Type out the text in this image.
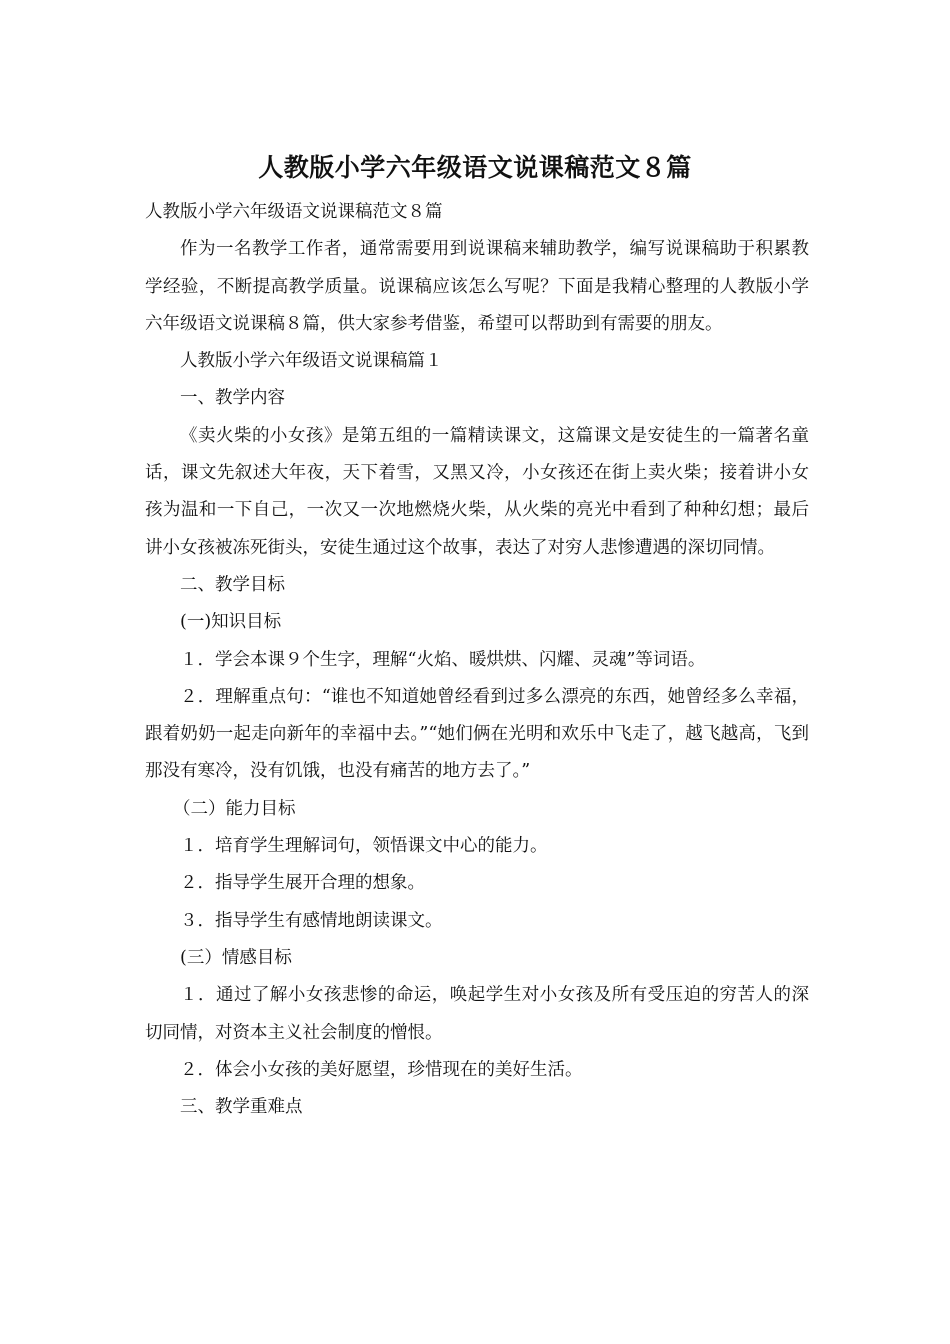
人教版小学六年级语文说课稿范文８篇

人教版小学六年级语文说课稿范文８篇

作为一名教学工作者，通常需要用到说课稿来辅助教学，编写说课稿助于积累教学经验，不断提高教学质量。说课稿应该怎么写呢？下面是我精心整理的人教版小学六年级语文说课稿８篇，供大家参考借鉴，希望可以帮助到有需要的朋友。

人教版小学六年级语文说课稿篇１

一、教学内容

《卖火柴的小女孩》是第五组的一篇精读课文，这篇课文是安徒生的一篇著名童话，课文先叙述大年夜，天下着雪，又黑又冷，小女孩还在街上卖火柴；接着讲小女孩为温和一下自己，一次又一次地燃烧火柴，从火柴的亮光中看到了种种幻想；最后讲小女孩被冻死街头，安徒生通过这个故事，表达了对穷人悲惨遭遇的深切同情。

二、教学目标

(一)知识目标

１．学会本课９个生字，理解“火焰、暖烘烘、闪耀、灵魂”等词语。

２．理解重点句：“谁也不知道她曾经看到过多么漂亮的东西，她曾经多么幸福，跟着奶奶一起走向新年的幸福中去。”“她们俩在光明和欢乐中飞走了，越飞越高，飞到那没有寒冷，没有饥饿，也没有痛苦的地方去了。”

（二）能力目标

１．培育学生理解词句，领悟课文中心的能力。

２．指导学生展开合理的想象。

３．指导学生有感情地朗读课文。

(三）情感目标

１．通过了解小女孩悲惨的命运，唤起学生对小女孩及所有受压迫的穷苦人的深切同情，对资本主义社会制度的憎恨。

２．体会小女孩的美好愿望，珍惜现在的美好生活。

三、教学重难点
